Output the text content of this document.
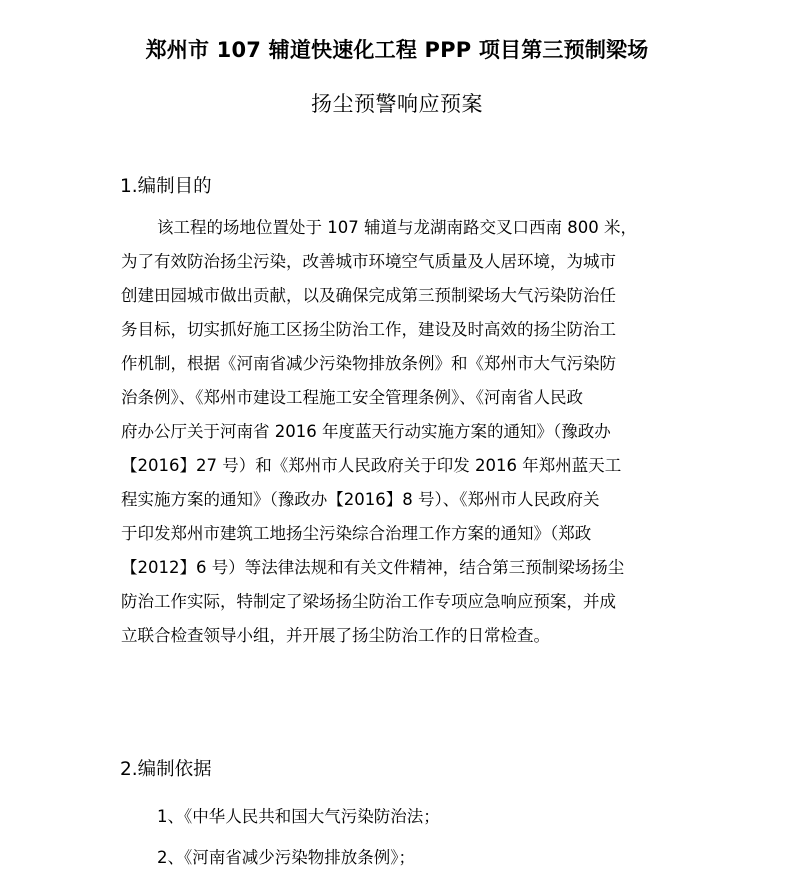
郑州市 107 辅道快速化工程 PPP 项目第三预制梁场
扬尘预警响应预案
1.编制目的
该工程的场地位置处于 107 辅道与龙湖南路交叉口西南 800 米，
为了有效防治扬尘污染，改善城市环境空气质量及人居环境，为城市
创建田园城市做出贡献，以及确保完成第三预制梁场大气污染防治任
务目标，切实抓好施工区扬尘防治工作，建设及时高效的扬尘防治工
作机制，根据《河南省减少污染物排放条例》和《郑州市大气污染防
治条例》、《郑州市建设工程施工安全管理条例》、《河南省人民政
府办公厅关于河南省 2016 年度蓝天行动实施方案的通知》（豫政办
【2016】27 号）和《郑州市人民政府关于印发 2016 年郑州蓝天工
程实施方案的通知》（豫政办【2016】8 号）、《郑州市人民政府关
于印发郑州市建筑工地扬尘污染综合治理工作方案的通知》（郑政
【2012】6 号）等法律法规和有关文件精神，结合第三预制梁场扬尘
防治工作实际，特制定了梁场扬尘防治工作专项应急响应预案，并成
立联合检查领导小组，并开展了扬尘防治工作的日常检查。
2.编制依据
1、《中华人民共和国大气污染防治法；
2、《河南省减少污染物排放条例》；
